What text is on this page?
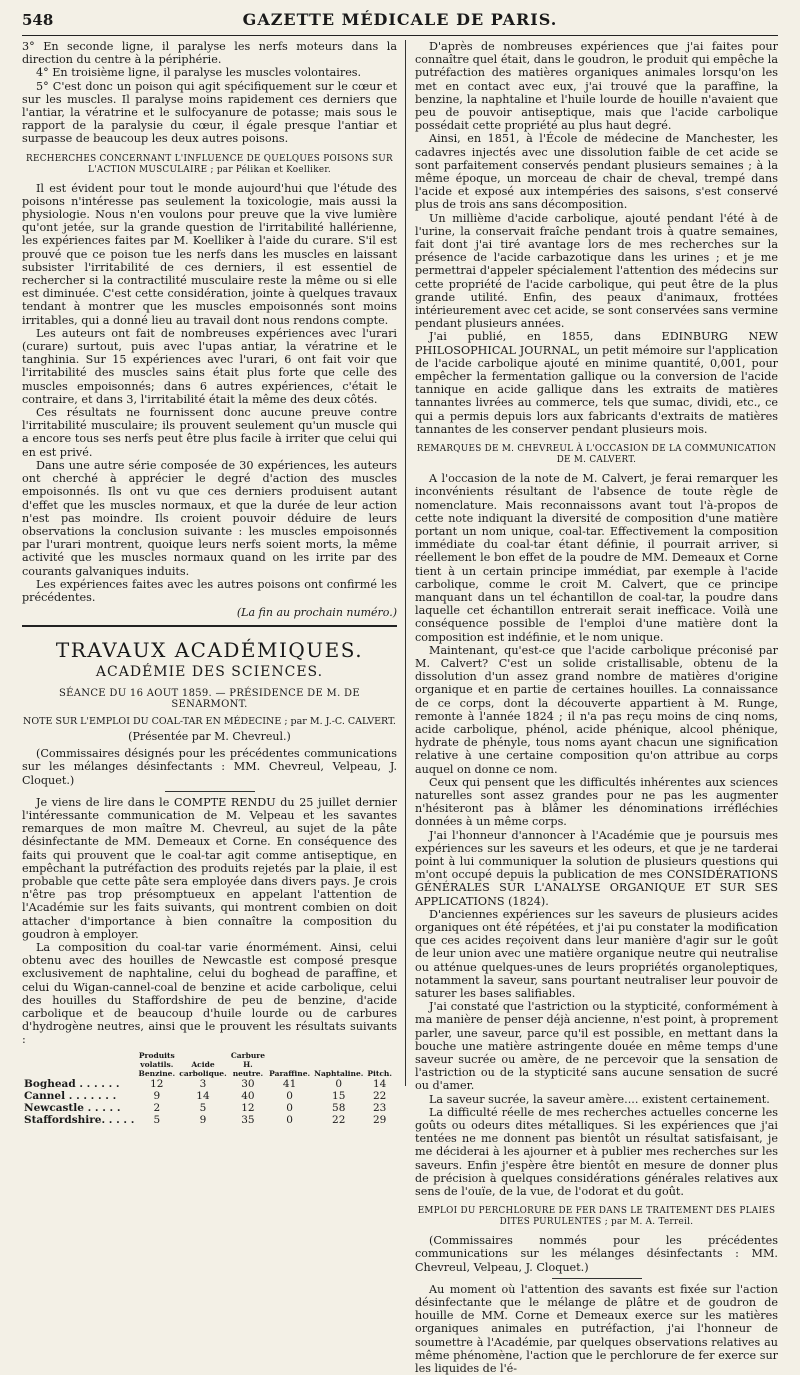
548	GAZETTE MÉDICALE DE PARIS.

3° En seconde ligne, il paralyse les nerfs moteurs dans la direction du centre à la périphérie.

4° En troisième ligne, il paralyse les muscles volontaires.

5° C'est donc un poison qui agit spécifiquement sur le cœur et sur les muscles. Il paralyse moins rapidement ces derniers que l'antiar, la vératrine et le sulfocyanure de potasse; mais sous le rapport de la paralysie du cœur, il égale presque l'antiar et surpasse de beaucoup les deux autres poisons.

RECHERCHES CONCERNANT L'INFLUENCE DE QUELQUES POISONS SUR L'ACTION MUSCULAIRE ; par Pélikan et Koelliker.

Il est évident pour tout le monde aujourd'hui que l'étude des poisons n'intéresse pas seulement la toxicologie, mais aussi la physiologie. Nous n'en voulons pour preuve que la vive lumière qu'ont jetée, sur la grande question de l'irritabilité hallérienne, les expériences faites par M. Koelliker à l'aide du curare. S'il est prouvé que ce poison tue les nerfs dans les muscles en laissant subsister l'irritabilité de ces derniers, il est essentiel de rechercher si la contractilité musculaire reste la même ou si elle est diminuée. C'est cette considération, jointe à quelques travaux tendant à montrer que les muscles empoisonnés sont moins irritables, qui a donné lieu au travail dont nous rendons compte.

Les auteurs ont fait de nombreuses expériences avec l'urari (curare) surtout, puis avec l'upas antiar, la vératrine et le tanghinia. Sur 15 expériences avec l'urari, 6 ont fait voir que l'irritabilité des muscles sains était plus forte que celle des muscles empoisonnés; dans 6 autres expériences, c'était le contraire, et dans 3, l'irritabilité était la même des deux côtés.

Ces résultats ne fournissent donc aucune preuve contre l'irritabilité musculaire; ils prouvent seulement qu'un muscle qui a encore tous ses nerfs peut être plus facile à irriter que celui qui en est privé.

Dans une autre série composée de 30 expériences, les auteurs ont cherché à apprécier le degré d'action des muscles empoisonnés. Ils ont vu que ces derniers produisent autant d'effet que les muscles normaux, et que la durée de leur action n'est pas moindre. Ils croient pouvoir déduire de leurs observations la conclusion suivante : les muscles empoisonnés par l'urari montrent, quoique leurs nerfs soient morts, la même activité que les muscles normaux quand on les irrite par des courants galvaniques induits.

Les expériences faites avec les autres poisons ont confirmé les précédentes.

(La fin au prochain numéro.)
TRAVAUX ACADÉMIQUES.
ACADÉMIE DES SCIENCES.
SÉANCE DU 16 AOUT 1859. — PRÉSIDENCE DE M. DE SENARMONT.
NOTE SUR L'EMPLOI DU COAL-TAR EN MÉDECINE ; par M. J.-C. CALVERT.
(Présentée par M. Chevreul.)

(Commissaires désignés pour les précédentes communications sur les mélanges désinfectants : MM. Chevreul, Velpeau, J. Cloquet.)

Je viens de lire dans le COMPTE RENDU du 25 juillet dernier l'intéressante communication de M. Velpeau et les savantes remarques de mon maître M. Chevreul, au sujet de la pâte désinfectante de MM. Demeaux et Corne. En conséquence des faits qui prouvent que le coal-tar agit comme antiseptique, en empêchant la putréfaction des produits rejetés par la plaie, il est probable que cette pâte sera employée dans divers pays. Je crois n'être pas trop présomptueux en appelant l'attention de l'Académie sur les faits suivants, qui montrent combien on doit attacher d'importance à bien connaître la composition du goudron à employer.

La composition du coal-tar varie énormément. Ainsi, celui obtenu avec des houilles de Newcastle est composé presque exclusivement de naphtaline, celui du boghead de paraffine, et celui du Wigan-cannel-coal de benzine et acide carbolique, celui des houilles du Staffordshire de peu de benzine, d'acide carbolique et de beaucoup d'huile lourde ou de carbures d'hydrogène neutres, ainsi que le prouvent les résultats suivants :

	Produits volatils. Benzine.	Acide carbolique.	Carbure H. neutre.	Paraffine.	Naphtaline.	Pitch.
Boghead . . . . . .	12	3	30	41	0	14
Cannel . . . . . . .	9	14	40	0	15	22
Newcastle . . . . .	2	5	12	0	58	23
Staffordshire. . . . .	5	9	35	0	22	29

D'après de nombreuses expériences que j'ai faites pour connaître quel était, dans le goudron, le produit qui empêche la putréfaction des matières organiques animales lorsqu'on les met en contact avec eux, j'ai trouvé que la paraffine, la benzine, la naphtaline et l'huile lourde de houille n'avaient que peu de pouvoir antiseptique, mais que l'acide carbolique possédait cette propriété au plus haut degré.

Ainsi, en 1851, à l'École de médecine de Manchester, les cadavres injectés avec une dissolution faible de cet acide se sont parfaitement conservés pendant plusieurs semaines ; à la même époque, un morceau de chair de cheval, trempé dans l'acide et exposé aux intempéries des saisons, s'est conservé plus de trois ans sans décomposition.

Un millième d'acide carbolique, ajouté pendant l'été à de l'urine, la conservait fraîche pendant trois à quatre semaines, fait dont j'ai tiré avantage lors de mes recherches sur la présence de l'acide carbazotique dans les urines ; et je me permettrai d'appeler spécialement l'attention des médecins sur cette propriété de l'acide carbolique, qui peut être de la plus grande utilité. Enfin, des peaux d'animaux, frottées intérieurement avec cet acide, se sont conservées sans vermine pendant plusieurs années.

J'ai publié, en 1855, dans EDINBURG NEW PHILOSOPHICAL JOURNAL, un petit mémoire sur l'application de l'acide carbolique ajouté en minime quantité, 0,001, pour empêcher la fermentation gallique ou la conversion de l'acide tannique en acide gallique dans les extraits de matières tannantes livrées au commerce, tels que sumac, dividi, etc., ce qui a permis depuis lors aux fabricants d'extraits de matières tannantes de les conserver pendant plusieurs mois.

REMARQUES DE M. CHEVREUL À L'OCCASION DE LA COMMUNICATION DE M. CALVERT.

A l'occasion de la note de M. Calvert, je ferai remarquer les inconvénients résultant de l'absence de toute règle de nomenclature. Mais reconnaissons avant tout l'à-propos de cette note indiquant la diversité de composition d'une matière portant un nom unique, coal-tar. Effectivement la composition immédiate du coal-tar étant définie, il pourrait arriver, si réellement le bon effet de la poudre de MM. Demeaux et Corne tient à un certain principe immédiat, par exemple à l'acide carbolique, comme le croit M. Calvert, que ce principe manquant dans un tel échantillon de coal-tar, la poudre dans laquelle cet échantillon entrerait serait inefficace. Voilà une conséquence possible de l'emploi d'une matière dont la composition est indéfinie, et le nom unique.

Maintenant, qu'est-ce que l'acide carbolique préconisé par M. Calvert? C'est un solide cristallisable, obtenu de la dissolution d'un assez grand nombre de matières d'origine organique et en partie de certaines houilles. La connaissance de ce corps, dont la découverte appartient à M. Runge, remonte à l'année 1824 ; il n'a pas reçu moins de cinq noms, acide carbolique, phénol, acide phénique, alcool phénique, hydrate de phényle, tous noms ayant chacun une signification relative à une certaine composition qu'on attribue au corps auquel on donne ce nom.

Ceux qui pensent que les difficultés inhérentes aux sciences naturelles sont assez grandes pour ne pas les augmenter n'hésiteront pas à blâmer les dénominations irréfléchies données à un même corps.

J'ai l'honneur d'annoncer à l'Académie que je poursuis mes expériences sur les saveurs et les odeurs, et que je ne tarderai point à lui communiquer la solution de plusieurs questions qui m'ont occupé depuis la publication de mes CONSIDÉRATIONS GÉNÉRALES SUR L'ANALYSE ORGANIQUE ET SUR SES APPLICATIONS (1824).

D'anciennes expériences sur les saveurs de plusieurs acides organiques ont été répétées, et j'ai pu constater la modification que ces acides reçoivent dans leur manière d'agir sur le goût de leur union avec une matière organique neutre qui neutralise ou atténue quelques-unes de leurs propriétés organoleptiques, notamment la saveur, sans pourtant neutraliser leur pouvoir de saturer les bases salifiables.

J'ai constaté que l'astriction ou la stypticité, conformément à ma manière de penser déjà ancienne, n'est point, à proprement parler, une saveur, parce qu'il est possible, en mettant dans la bouche une matière astringente douée en même temps d'une saveur sucrée ou amère, de ne percevoir que la sensation de l'astriction ou de la stypticité sans aucune sensation de sucré ou d'amer.

La saveur sucrée, la saveur amère.... existent certainement.

La difficulté réelle de mes recherches actuelles concerne les goûts ou odeurs dites métalliques. Si les expériences que j'ai tentées ne me donnent pas bientôt un résultat satisfaisant, je me déciderai à les ajourner et à publier mes recherches sur les saveurs. Enfin j'espère être bientôt en mesure de donner plus de précision à quelques considérations générales relatives aux sens de l'ouïe, de la vue, de l'odorat et du goût.

EMPLOI DU PERCHLORURE DE FER DANS LE TRAITEMENT DES PLAIES DITES PURULENTES ; par M. A. Terreil.

(Commissaires nommés pour les précédentes communications sur les mélanges désinfectants : MM. Chevreul, Velpeau, J. Cloquet.)

Au moment où l'attention des savants est fixée sur l'action désinfectante que le mélange de plâtre et de goudron de houille de MM. Corne et Demeaux exerce sur les matières organiques animales en putréfaction, j'ai l'honneur de soumettre à l'Académie, par quelques observations relatives au même phénomène, l'action que le perchlorure de fer exerce sur les liquides de l'é-
